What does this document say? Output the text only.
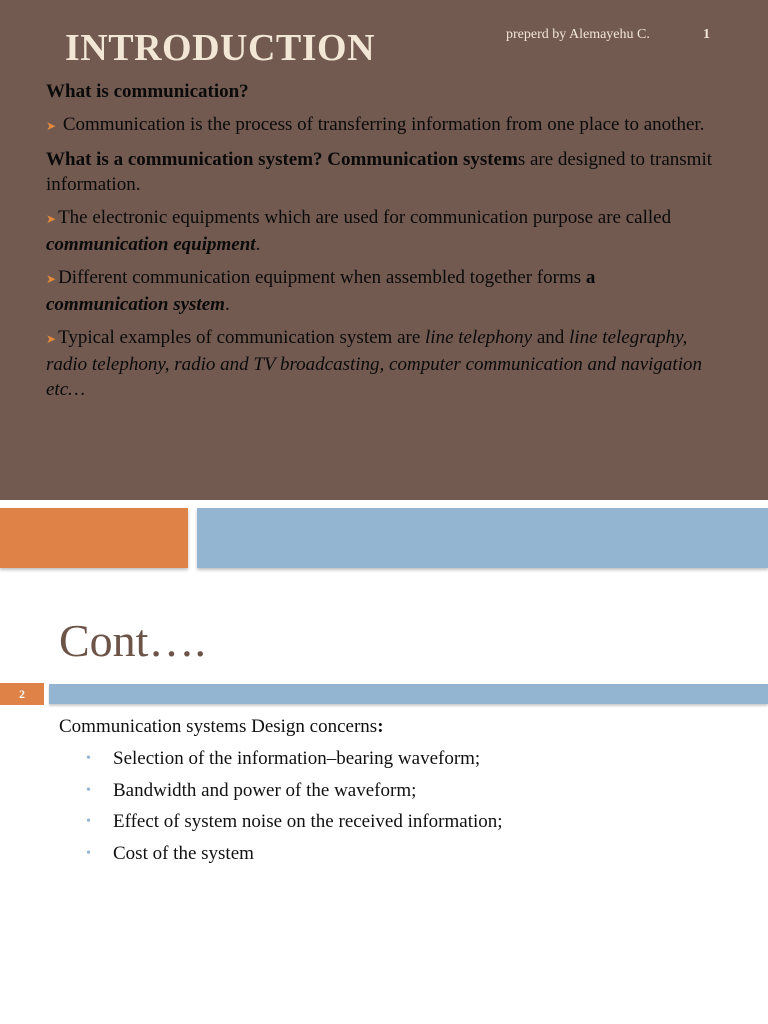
INTRODUCTION	preperd by Alemayehu C.	1

What is communication?

➤ Communication is the process of transferring information from one place to another.

What is a communication system? Communication systems are designed to transmit information.

➤ The electronic equipments which are used for communication purpose are called communication equipment.

➤ Different communication equipment when assembled together forms a communication system.

➤ Typical examples of communication system are line telephony and line telegraphy, radio telephony, radio and TV broadcasting, computer communication and navigation etc…

Cont….
2
Communication systems Design concerns:
• Selection of the information–bearing waveform;
• Bandwidth and power of the waveform;
• Effect of system noise on the received information;
• Cost of the system
